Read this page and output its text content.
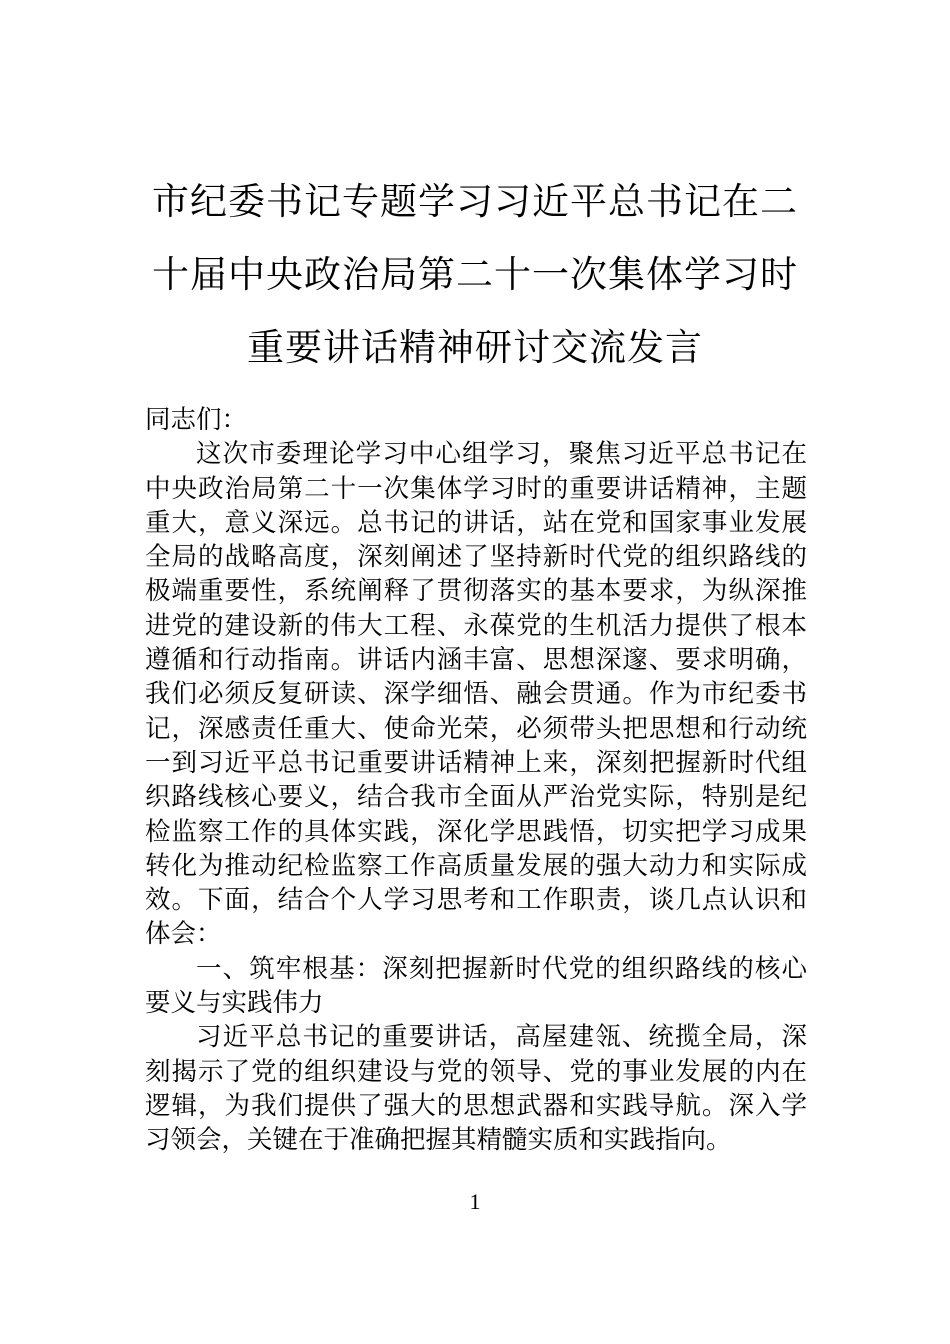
市纪委书记专题学习习近平总书记在二十届中央政治局第二十一次集体学习时重要讲话精神研讨交流发言

同志们：

这次市委理论学习中心组学习，聚焦习近平总书记在中央政治局第二十一次集体学习时的重要讲话精神，主题重大，意义深远。总书记的讲话，站在党和国家事业发展全局的战略高度，深刻阐述了坚持新时代党的组织路线的极端重要性，系统阐释了贯彻落实的基本要求，为纵深推进党的建设新的伟大工程、永葆党的生机活力提供了根本遵循和行动指南。讲话内涵丰富、思想深邃、要求明确，我们必须反复研读、深学细悟、融会贯通。作为市纪委书记，深感责任重大、使命光荣，必须带头把思想和行动统一到习近平总书记重要讲话精神上来，深刻把握新时代组织路线核心要义，结合我市全面从严治党实际，特别是纪检监察工作的具体实践，深化学思践悟，切实把学习成果转化为推动纪检监察工作高质量发展的强大动力和实际成效。下面，结合个人学习思考和工作职责，谈几点认识和体会：

一、筑牢根基：深刻把握新时代党的组织路线的核心要义与实践伟力

习近平总书记的重要讲话，高屋建瓴、统揽全局，深刻揭示了党的组织建设与党的领导、党的事业发展的内在逻辑，为我们提供了强大的思想武器和实践导航。深入学习领会，关键在于准确把握其精髓实质和实践指向。

1
